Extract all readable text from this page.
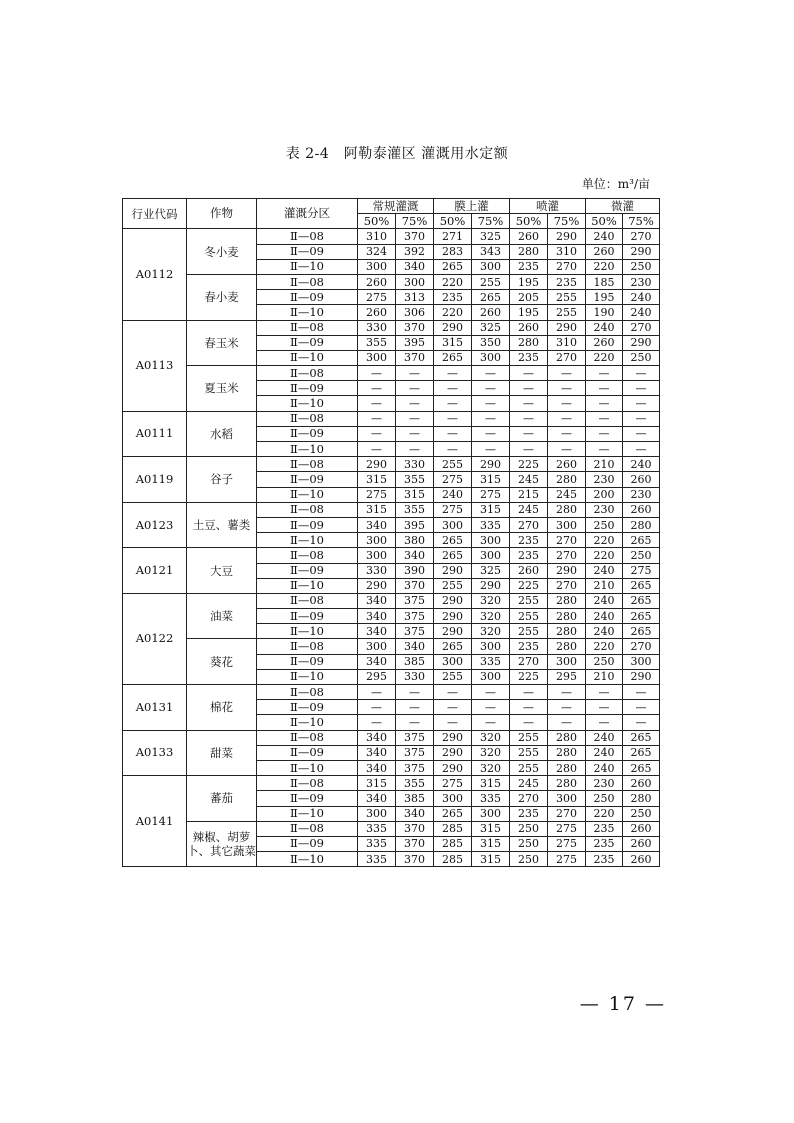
表 2-4　阿勒泰灌区 灌溉用水定额
单位：m³/亩
行业代码	作物	灌溉分区	常规灌溉		膜上灌		喷灌		微灌	
			50%	75%	50%	75%	50%	75%	50%	75%
A0112	冬小麦	Ⅱ—08	310	370	271	325	260	290	240	270
		Ⅱ—09	324	392	283	343	280	310	260	290
		Ⅱ—10	300	340	265	300	235	270	220	250
	春小麦	Ⅱ—08	260	300	220	255	195	235	185	230
		Ⅱ—09	275	313	235	265	205	255	195	240
		Ⅱ—10	260	306	220	260	195	255	190	240
A0113	春玉米	Ⅱ—08	330	370	290	325	260	290	240	270
		Ⅱ—09	355	395	315	350	280	310	260	290
		Ⅱ—10	300	370	265	300	235	270	220	250
	夏玉米	Ⅱ—08	—	—	—	—	—	—	—	—
		Ⅱ—09	—	—	—	—	—	—	—	—
		Ⅱ—10	—	—	—	—	—	—	—	—
A0111	水稻	Ⅱ—08	—	—	—	—	—	—	—	—
		Ⅱ—09	—	—	—	—	—	—	—	—
		Ⅱ—10	—	—	—	—	—	—	—	—
A0119	谷子	Ⅱ—08	290	330	255	290	225	260	210	240
		Ⅱ—09	315	355	275	315	245	280	230	260
		Ⅱ—10	275	315	240	275	215	245	200	230
A0123	土豆、薯类	Ⅱ—08	315	355	275	315	245	280	230	260
		Ⅱ—09	340	395	300	335	270	300	250	280
		Ⅱ—10	300	380	265	300	235	270	220	265
A0121	大豆	Ⅱ—08	300	340	265	300	235	270	220	250
		Ⅱ—09	330	390	290	325	260	290	240	275
		Ⅱ—10	290	370	255	290	225	270	210	265
A0122	油菜	Ⅱ—08	340	375	290	320	255	280	240	265
		Ⅱ—09	340	375	290	320	255	280	240	265
		Ⅱ—10	340	375	290	320	255	280	240	265
	葵花	Ⅱ—08	300	340	265	300	235	280	220	270
		Ⅱ—09	340	385	300	335	270	300	250	300
		Ⅱ—10	295	330	255	300	225	295	210	290
A0131	棉花	Ⅱ—08	—	—	—	—	—	—	—	—
		Ⅱ—09	—	—	—	—	—	—	—	—
		Ⅱ—10	—	—	—	—	—	—	—	—
A0133	甜菜	Ⅱ—08	340	375	290	320	255	280	240	265
		Ⅱ—09	340	375	290	320	255	280	240	265
		Ⅱ—10	340	375	290	320	255	280	240	265
A0141	蕃茄	Ⅱ—08	315	355	275	315	245	280	230	260
		Ⅱ—09	340	385	300	335	270	300	250	280
		Ⅱ—10	300	340	265	300	235	270	220	250
	辣椒、胡萝卜、其它蔬菜	Ⅱ—08	335	370	285	315	250	275	235	260
		Ⅱ—09	335	370	285	315	250	275	235	260
		Ⅱ—10	335	370	285	315	250	275	235	260
— 17 —
